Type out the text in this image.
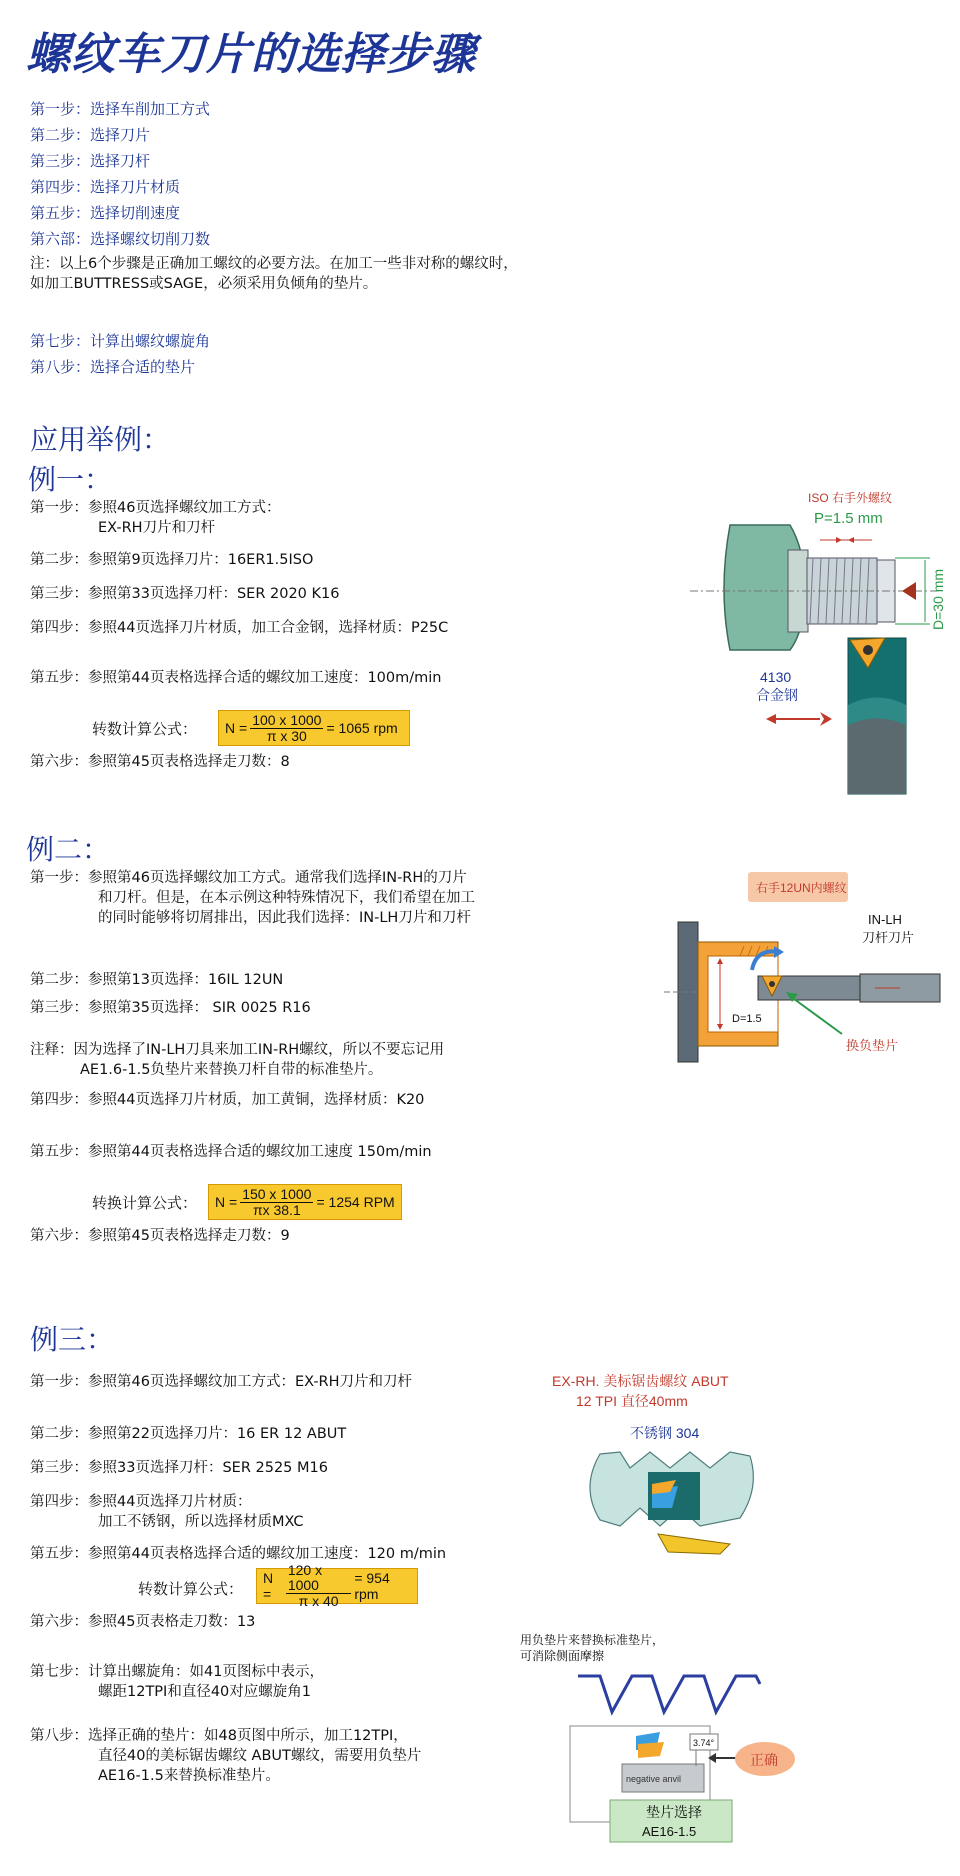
螺纹车刀片的选择步骤
第一步：选择车削加工方式
第二步：选择刀片
第三步：选择刀杆
第四步：选择刀片材质
第五步：选择切削速度
第六部：选择螺纹切削刀数
注：以上6个步骤是正确加工螺纹的必要方法。在加工一些非对称的螺纹时，
如加工BUTTRESS或SAGE，必须采用负倾角的垫片。
第七步：计算出螺纹螺旋角
第八步：选择合适的垫片
应用举例：
例一：
第一步：参照46页选择螺纹加工方式：
EX-RH刀片和刀杆
第二步：参照第9页选择刀片：16ER1.5ISO
第三步：参照第33页选择刀杆：SER 2020 K16
第四步：参照44页选择刀片材质，加工合金钢，选择材质：P25C
第五步：参照第44页表格选择合适的螺纹加工速度：100m/min
转数计算公式： $N = \frac{100 x 1000}{\text{π x 30}} = 1065$ rpm
第六步：参照第45页表格选择走刀数：8
ISO 右手外螺纹
P=1.5 mm
D=30 mm
4130
合金钢
例二：
第一步：参照第46页选择螺纹加工方式。通常我们选择IN-RH的刀片
和刀杆。但是，在本示例这种特殊情况下，我们希望在加工
的同时能够将切屑排出，因此我们选择：IN-LH刀片和刀杆
第二步：参照第13页选择：16IL 12UN
第三步：参照第35页选择： SIR 0025 R16
注释：因为选择了IN-LH刀具来加工IN-RH螺纹，所以不要忘记用
AE1.6-1.5负垫片来替换刀杆自带的标准垫片。
第四步：参照44页选择刀片材质，加工黄铜，选择材质：K20
第五步：参照第44页表格选择合适的螺纹加工速度 150m/min
转换计算公式： $N = \frac{150 x 1000}{\pi x 38.1} = 1254$ RPM
第六步：参照第45页表格选择走刀数：9
右手12UN内螺纹
IN-LH
刀杆刀片
D=1.5
换负垫片
例三：
第一步：参照第46页选择螺纹加工方式：EX-RH刀片和刀杆
第二步：参照第22页选择刀片：16 ER 12 ABUT
第三步：参照33页选择刀杆：SER 2525 M16
第四步：参照44页选择刀片材质：
加工不锈钢，所以选择材质MXC
第五步：参照第44页表格选择合适的螺纹加工速度：120 m/min
转数计算公式：
N =	$\frac{120 x 1000}{\text{π x 40}} = 954$ rpm
第六步：参照45页表格走刀数：13
第七步：计算出螺旋角：如41页图标中表示，
螺距12TPI和直径40对应螺旋角1
第八步：选择正确的垫片：如48页图中所示，加工12TPI，
直径40的美标锯齿螺纹 ABUT螺纹，需要用负垫片
AE16-1.5来替换标准垫片。
EX-RH. 美标锯齿螺纹 ABUT
12 TPI 直径40mm
不锈钢 304
用负垫片来替换标准垫片，
可消除侧面摩擦
negative anvil
3.74°
正确
垫片选择
AE16-1.5
